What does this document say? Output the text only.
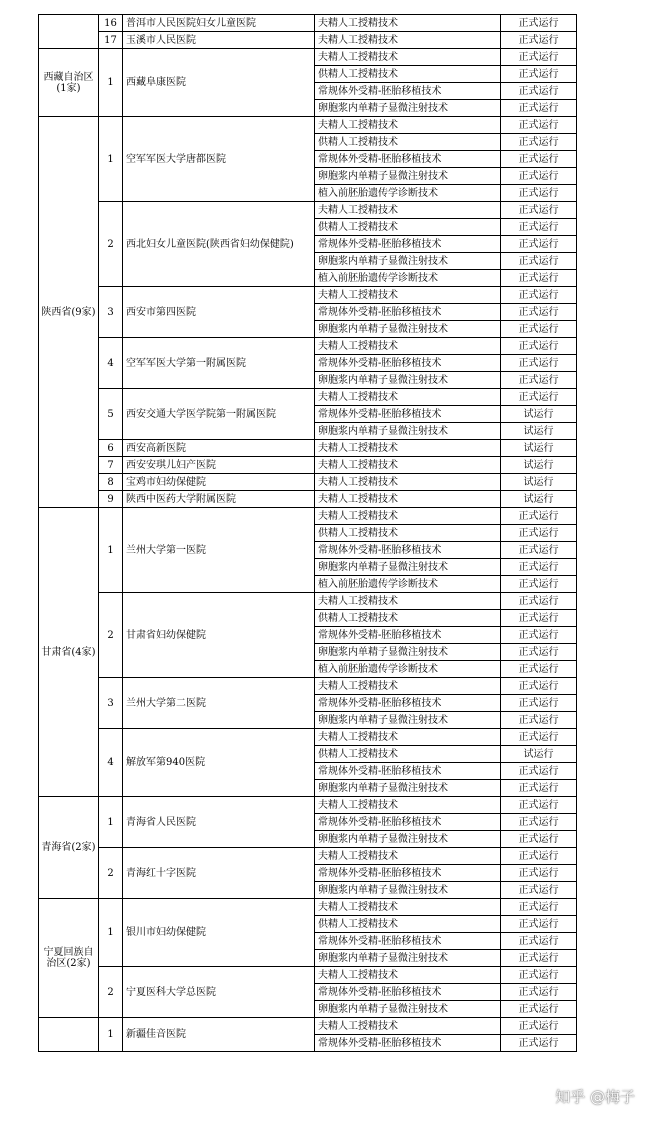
	16	普洱市人民医院妇女儿童医院	夫精人工授精技术	正式运行
	17	玉溪市人民医院	夫精人工授精技术	正式运行
西藏自治区(1家)	1	西藏阜康医院	夫精人工授精技术	正式运行
			供精人工授精技术	正式运行
			常规体外受精-胚胎移植技术	正式运行
			卵胞浆内单精子显微注射技术	正式运行
陕西省(9家)	1	空军军医大学唐都医院	夫精人工授精技术	正式运行
			供精人工授精技术	正式运行
			常规体外受精-胚胎移植技术	正式运行
			卵胞浆内单精子显微注射技术	正式运行
			植入前胚胎遗传学诊断技术	正式运行
	2	西北妇女儿童医院(陕西省妇幼保健院)	夫精人工授精技术	正式运行
			供精人工授精技术	正式运行
			常规体外受精-胚胎移植技术	正式运行
			卵胞浆内单精子显微注射技术	正式运行
			植入前胚胎遗传学诊断技术	正式运行
	3	西安市第四医院	夫精人工授精技术	正式运行
			常规体外受精-胚胎移植技术	正式运行
			卵胞浆内单精子显微注射技术	正式运行
	4	空军军医大学第一附属医院	夫精人工授精技术	正式运行
			常规体外受精-胚胎移植技术	正式运行
			卵胞浆内单精子显微注射技术	正式运行
	5	西安交通大学医学院第一附属医院	夫精人工授精技术	正式运行
			常规体外受精-胚胎移植技术	试运行
			卵胞浆内单精子显微注射技术	试运行
	6	西安高新医院	夫精人工授精技术	试运行
	7	西安安琪儿妇产医院	夫精人工授精技术	试运行
	8	宝鸡市妇幼保健院	夫精人工授精技术	试运行
	9	陕西中医药大学附属医院	夫精人工授精技术	试运行
甘肃省(4家)	1	兰州大学第一医院	夫精人工授精技术	正式运行
			供精人工授精技术	正式运行
			常规体外受精-胚胎移植技术	正式运行
			卵胞浆内单精子显微注射技术	正式运行
			植入前胚胎遗传学诊断技术	正式运行
	2	甘肃省妇幼保健院	夫精人工授精技术	正式运行
			供精人工授精技术	正式运行
			常规体外受精-胚胎移植技术	正式运行
			卵胞浆内单精子显微注射技术	正式运行
			植入前胚胎遗传学诊断技术	正式运行
	3	兰州大学第二医院	夫精人工授精技术	正式运行
			常规体外受精-胚胎移植技术	正式运行
			卵胞浆内单精子显微注射技术	正式运行
	4	解放军第940医院	夫精人工授精技术	正式运行
			供精人工授精技术	试运行
			常规体外受精-胚胎移植技术	正式运行
			卵胞浆内单精子显微注射技术	正式运行
青海省(2家)	1	青海省人民医院	夫精人工授精技术	正式运行
			常规体外受精-胚胎移植技术	正式运行
			卵胞浆内单精子显微注射技术	正式运行
	2	青海红十字医院	夫精人工授精技术	正式运行
			常规体外受精-胚胎移植技术	正式运行
			卵胞浆内单精子显微注射技术	正式运行
宁夏回族自治区(2家)	1	银川市妇幼保健院	夫精人工授精技术	正式运行
			供精人工授精技术	正式运行
			常规体外受精-胚胎移植技术	正式运行
			卵胞浆内单精子显微注射技术	正式运行
	2	宁夏医科大学总医院	夫精人工授精技术	正式运行
			常规体外受精-胚胎移植技术	正式运行
			卵胞浆内单精子显微注射技术	正式运行
	1	新疆佳音医院	夫精人工授精技术	正式运行
			常规体外受精-胚胎移植技术	正式运行
知乎 @梅子
